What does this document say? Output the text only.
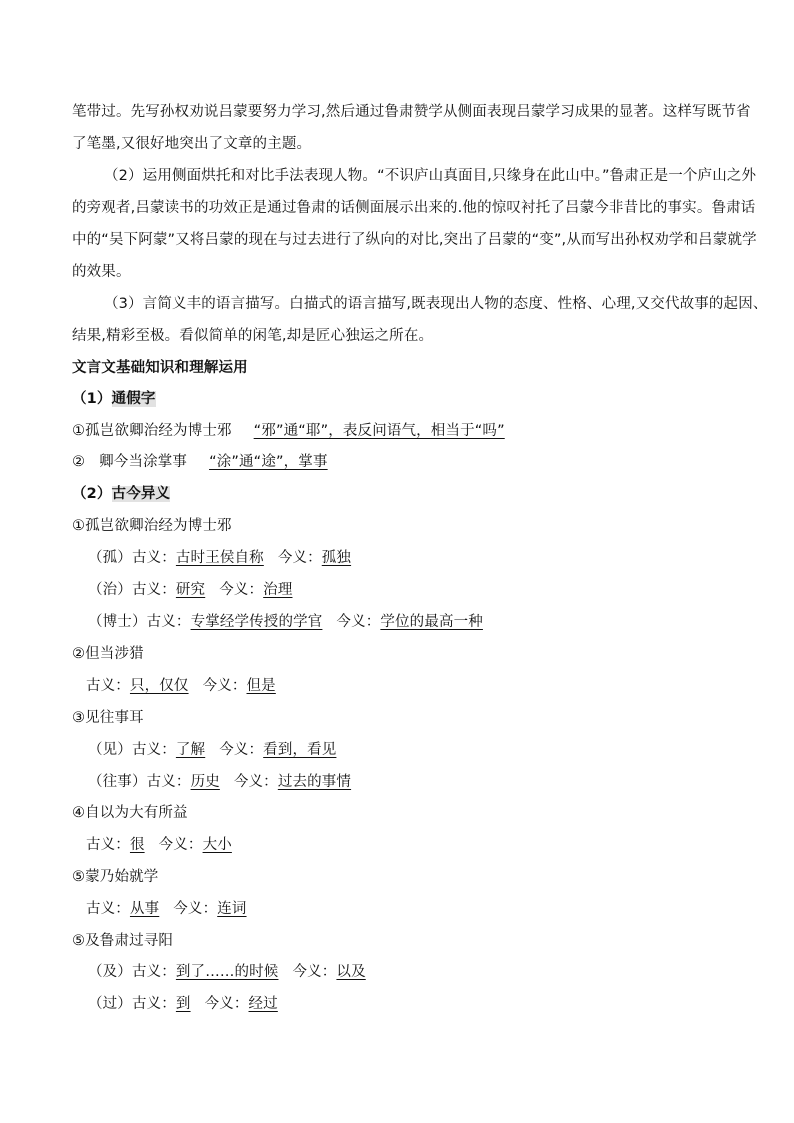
笔带过。先写孙权劝说吕蒙要努力学习,然后通过鲁肃赞学从侧面表现吕蒙学习成果的显著。这样写既节省
了笔墨,又很好地突出了文章的主题。
（2）运用侧面烘托和对比手法表现人物。“不识庐山真面目,只缘身在此山中。”鲁肃正是一个庐山之外
的旁观者,吕蒙读书的功效正是通过鲁肃的话侧面展示出来的.他的惊叹衬托了吕蒙今非昔比的事实。鲁肃话
中的“吴下阿蒙”又将吕蒙的现在与过去进行了纵向的对比,突出了吕蒙的“变”,从而写出孙权劝学和吕蒙就学
的效果。
（3）言简义丰的语言描写。白描式的语言描写,既表现出人物的态度、性格、心理,又交代故事的起因、
结果,精彩至极。看似简单的闲笔,却是匠心独运之所在。
文言文基础知识和理解运用
（1）通假字
①孤岂欲卿治经为博士邪 “邪”通“耶”，表反问语气，相当于“吗”
② 卿今当涂掌事 “涂”通“途”，掌事
（2）古今异义
①孤岂欲卿治经为博士邪
（孤）古义：古时王侯自称 今义：孤独
（治）古义：研究 今义：治理
（博士）古义：专掌经学传授的学官 今义：学位的最高一种
②但当涉猎
古义：只，仅仅 今义：但是
③见往事耳
（见）古义：了解 今义：看到，看见
（往事）古义：历史 今义：过去的事情
④自以为大有所益
古义：很 今义：大小
⑤蒙乃始就学
古义：从事 今义：连词
⑤及鲁肃过寻阳
（及）古义：到了……的时候 今义：以及
（过）古义：到 今义：经过
